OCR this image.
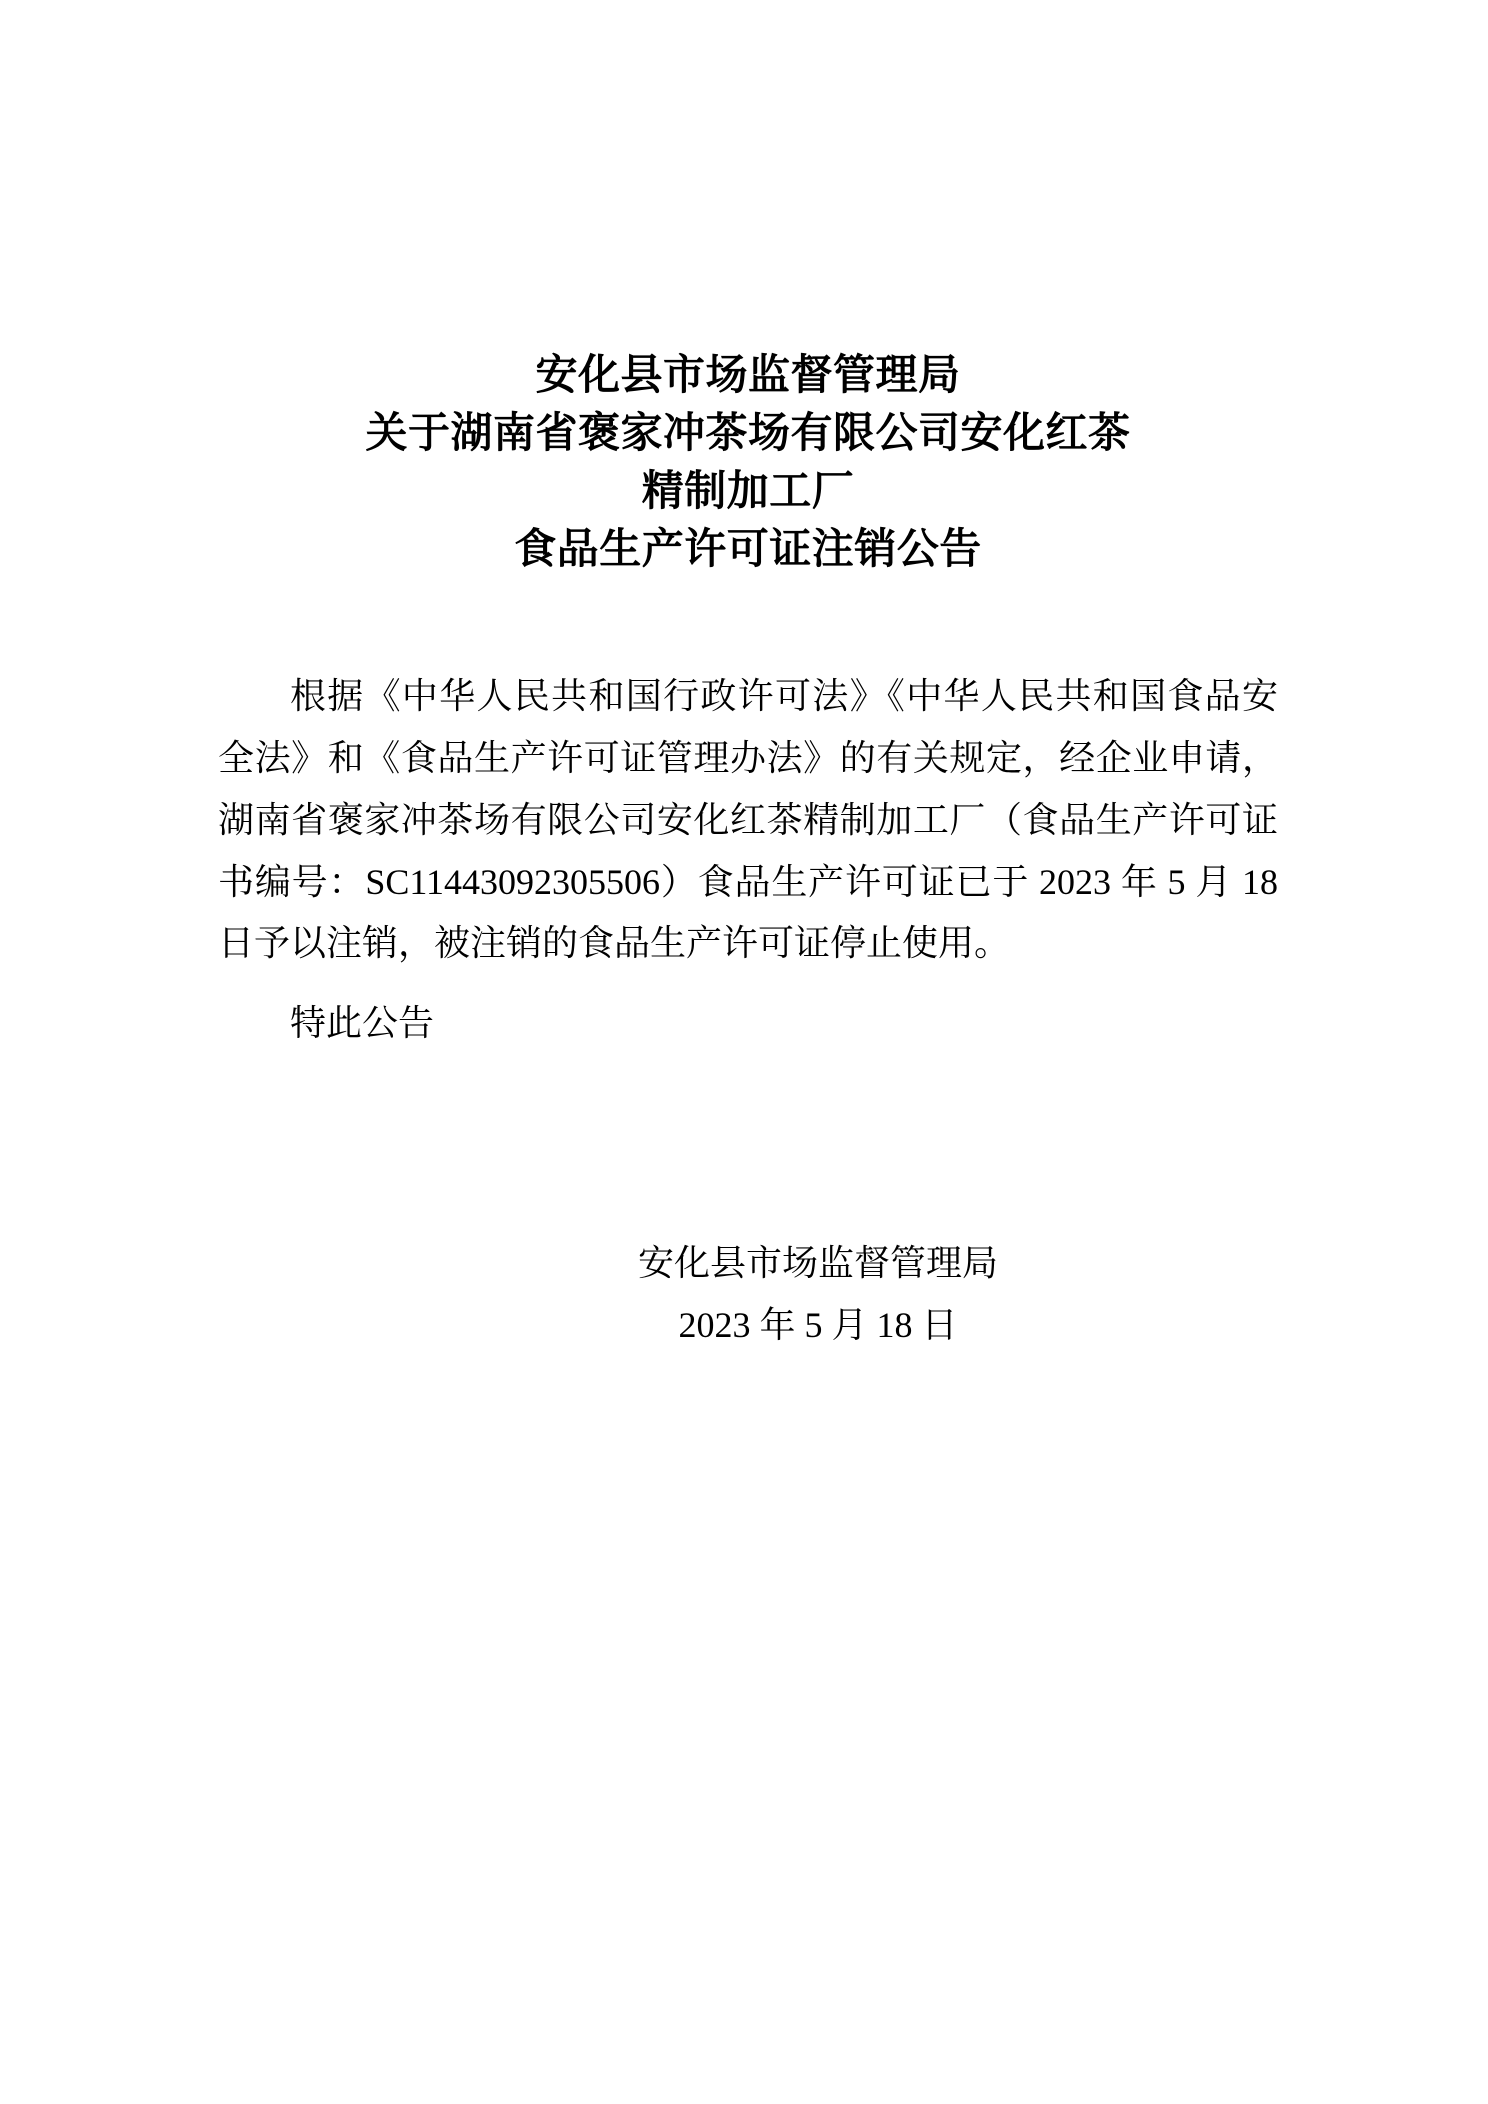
安化县市场监督管理局
关于湖南省褒家冲茶场有限公司安化红茶
精制加工厂
食品生产许可证注销公告

根据《中华人民共和国行政许可法》《中华人民共和国食品安全法》和《食品生产许可证管理办法》的有关规定，经企业申请，湖南省褒家冲茶场有限公司安化红茶精制加工厂（食品生产许可证书编号：SC11443092305506）食品生产许可证已于 2023 年 5 月 18 日予以注销，被注销的食品生产许可证停止使用。

特此公告

安化县市场监督管理局
2023 年 5 月 18 日
